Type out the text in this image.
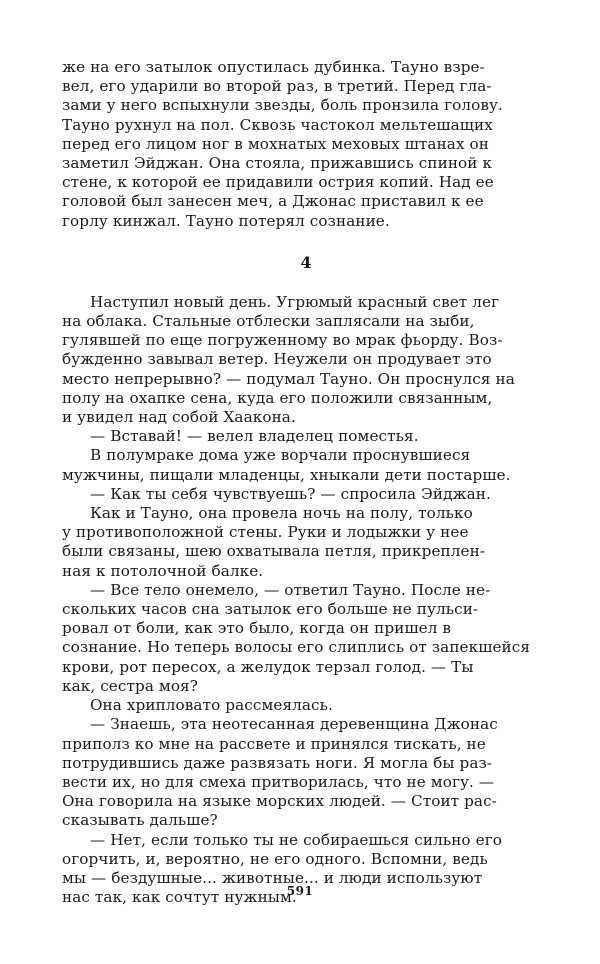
же на его затылок опустилась дубинка. Тауно взре-
вел, его ударили во второй раз, в третий. Перед гла-
зами у него вспыхнули звезды, боль пронзила голову.
Тауно рухнул на пол. Сквозь частокол мельтешащих
перед его лицом ног в мохнатых меховых штанах он
заметил Эйджан. Она стояла, прижавшись спиной к
стене, к которой ее придавили острия копий. Над ее
головой был занесен меч, а Джонас приставил к ее
горлу кинжал. Тауно потерял сознание.

4

Наступил новый день. Угрюмый красный свет лег
на облака. Стальные отблески заплясали на зыби,
гулявшей по еще погруженному во мрак фьорду. Воз-
бужденно завывал ветер. Неужели он продувает это
место непрерывно? — подумал Тауно. Он проснулся на
полу на охапке сена, куда его положили связанным,
и увидел над собой Хаакона.

— Вставай! — велел владелец поместья.

В полумраке дома уже ворчали проснувшиеся
мужчины, пищали младенцы, хныкали дети постарше.

— Как ты себя чувствуешь? — спросила Эйджан.

Как и Тауно, она провела ночь на полу, только
у противоположной стены. Руки и лодыжки у нее
были связаны, шею охватывала петля, прикреплен-
ная к потолочной балке.

— Все тело онемело, — ответил Тауно. После не-
скольких часов сна затылок его больше не пульси-
ровал от боли, как это было, когда он пришел в
сознание. Но теперь волосы его слиплись от запекшейся
крови, рот пересох, а желудок терзал голод. — Ты
как, сестра моя?

Она хрипловато рассмеялась.

— Знаешь, эта неотесанная деревенщина Джонас
приполз ко мне на рассвете и принялся тискать, не
потрудившись даже развязать ноги. Я могла бы раз-
вести их, но для смеха притворилась, что не могу. —
Она говорила на языке морских людей. — Стоит рас-
сказывать дальше?

— Нет, если только ты не собираешься сильно его
огорчить, и, вероятно, не его одного. Вспомни, ведь
мы — бездушные... животные... и люди используют
нас так, как сочтут нужным.

591
